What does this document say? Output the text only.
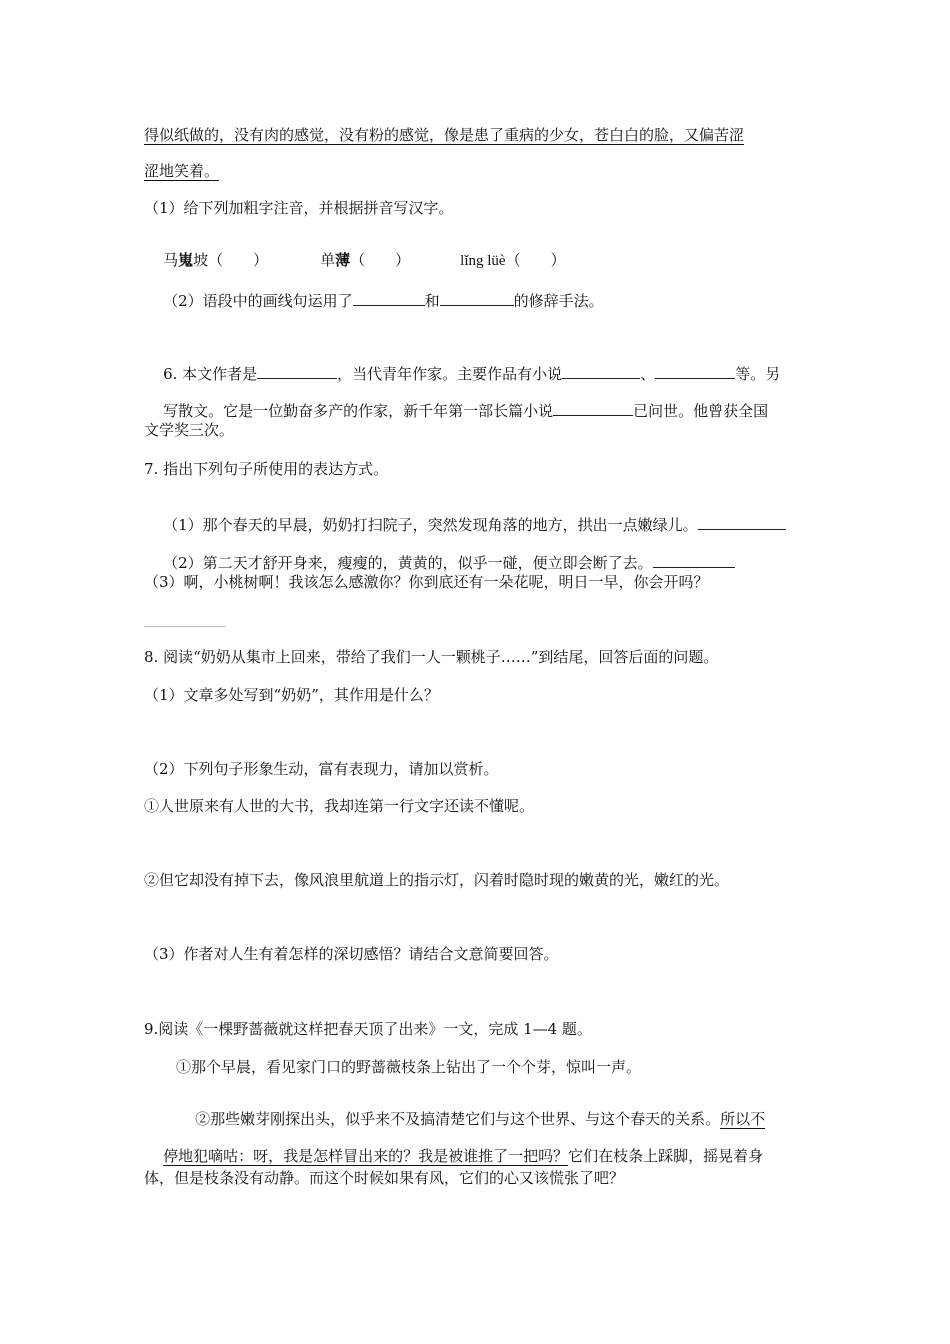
得似纸做的，没有肉的感觉，没有粉的感觉，像是患了重病的少女，苍白白的脸，又偏苦涩
涩地笑着。
（1）给下列加粗字注音，并根据拼音写汉字。

马嵬坡（　　）	单薄（　　）	lǐng lüè（　　）

（2）语段中的画线句运用了	和	的修辞手法。

6. 本文作者是	，当代青年作家。主要作品有小说	、	等。另

写散文。它是一位勤奋多产的作家，新千年第一部长篇小说	已问世。他曾获全国

文学奖三次。
7. 指出下列句子所使用的表达方式。

（1）那个春天的早晨，奶奶打扫院子，突然发现角落的地方，拱出一点嫩绿儿。

（2）第二天才舒开身来，瘦瘦的，黄黄的，似乎一碰，便立即会断了去。

（3）啊，小桃树啊！我该怎么感激你？你到底还有一朵花呢，明日一早，你会开吗？
8. 阅读“奶奶从集市上回来，带给了我们一人一颗桃子……”到结尾，回答后面的问题。
（1）文章多处写到“奶奶”，其作用是什么？
（2）下列句子形象生动，富有表现力，请加以赏析。
①人世原来有人世的大书，我却连第一行文字还读不懂呢。
②但它却没有掉下去，像风浪里航道上的指示灯，闪着时隐时现的嫩黄的光，嫩红的光。
（3）作者对人生有着怎样的深切感悟？请结合文意简要回答。
9.阅读《一棵野蔷薇就这样把春天顶了出来》一文，完成 1—4 题。
①那个早晨，看见家门口的野蔷薇枝条上钻出了一个个芽，惊叫一声。

②那些嫩芽刚探出头，似乎来不及搞清楚它们与这个世界、与这个春天的关系。所以不

停地犯嘀咕：呀，我是怎样冒出来的？我是被谁推了一把吗？它们在枝条上踩脚，摇晃着身

体，但是枝条没有动静。而这个时候如果有风，它们的心又该慌张了吧？
